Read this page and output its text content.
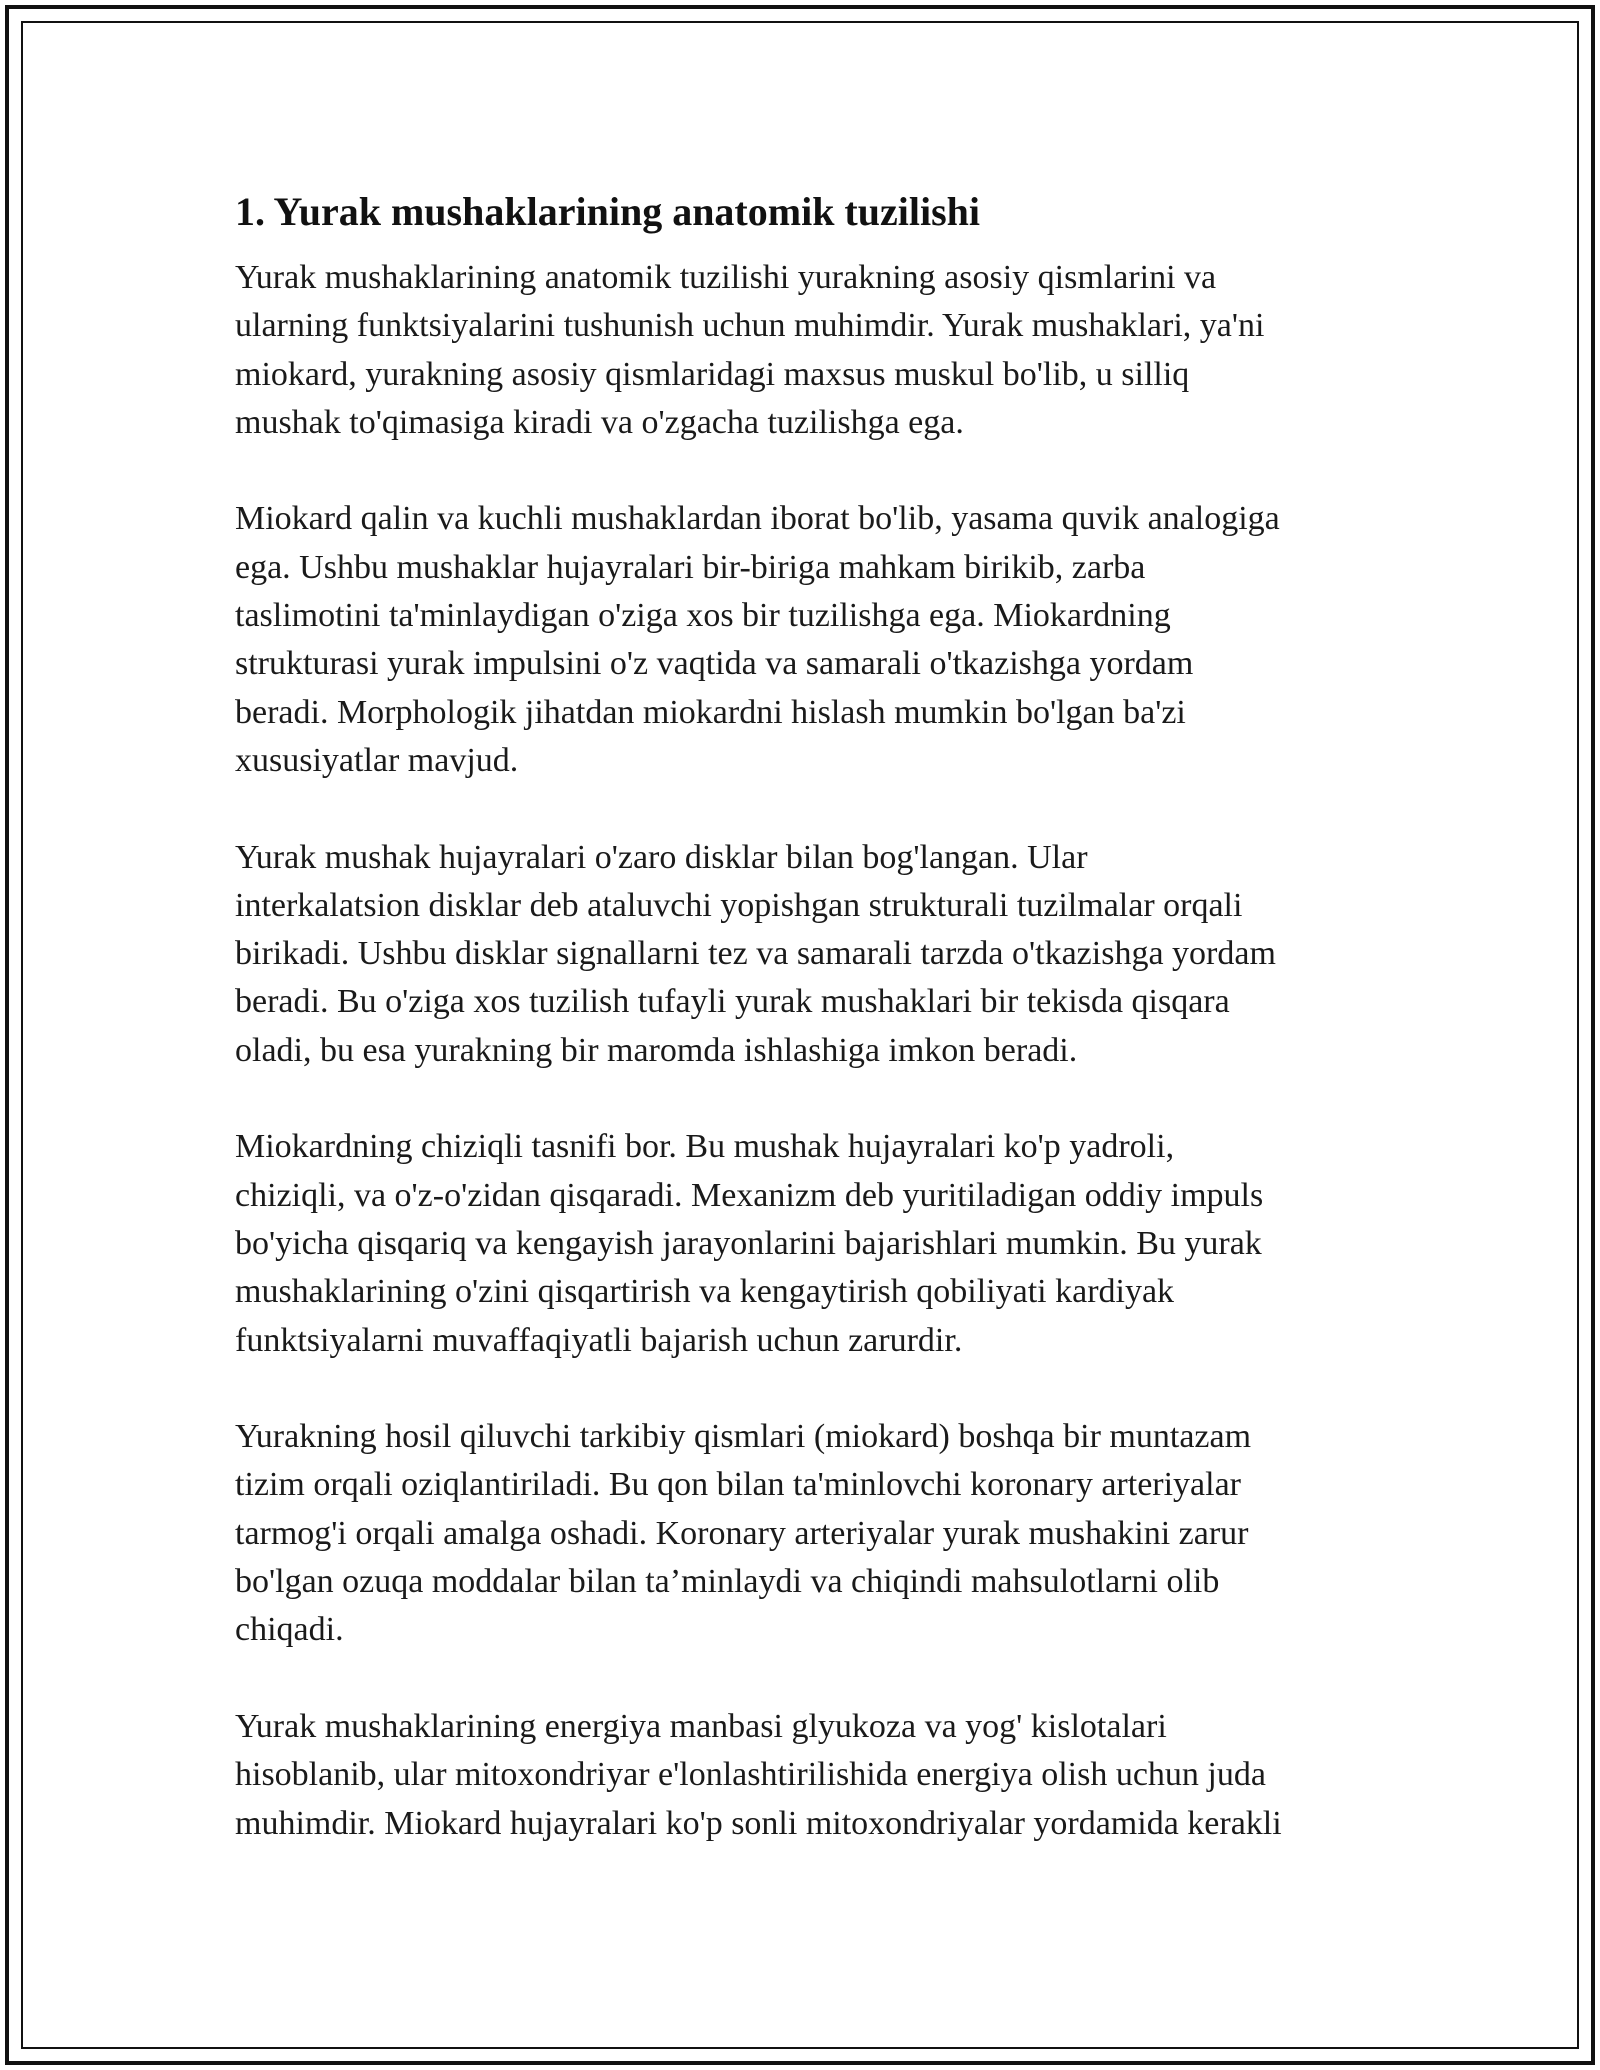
1. Yurak mushaklarining anatomik tuzilishi

Yurak mushaklarining anatomik tuzilishi yurakning asosiy qismlarini va
ularning funktsiyalarini tushunish uchun muhimdir. Yurak mushaklari, ya'ni
miokard, yurakning asosiy qismlaridagi maxsus muskul bo'lib, u silliq
mushak to'qimasiga kiradi va o'zgacha tuzilishga ega.

Miokard qalin va kuchli mushaklardan iborat bo'lib, yasama quvik analogiga
ega. Ushbu mushaklar hujayralari bir-biriga mahkam birikib, zarba
taslimotini ta'minlaydigan o'ziga xos bir tuzilishga ega. Miokardning
strukturasi yurak impulsini o'z vaqtida va samarali o'tkazishga yordam
beradi. Morphologik jihatdan miokardni hislash mumkin bo'lgan ba'zi
xususiyatlar mavjud.

Yurak mushak hujayralari o'zaro disklar bilan bog'langan. Ular
interkalatsion disklar deb ataluvchi yopishgan strukturali tuzilmalar orqali
birikadi. Ushbu disklar signallarni tez va samarali tarzda o'tkazishga yordam
beradi. Bu o'ziga xos tuzilish tufayli yurak mushaklari bir tekisda qisqara
oladi, bu esa yurakning bir maromda ishlashiga imkon beradi.

Miokardning chiziqli tasnifi bor. Bu mushak hujayralari ko'p yadroli,
chiziqli, va o'z-o'zidan qisqaradi. Mexanizm deb yuritiladigan oddiy impuls
bo'yicha qisqariq va kengayish jarayonlarini bajarishlari mumkin. Bu yurak
mushaklarining o'zini qisqartirish va kengaytirish qobiliyati kardiyak
funktsiyalarni muvaffaqiyatli bajarish uchun zarurdir.

Yurakning hosil qiluvchi tarkibiy qismlari (miokard) boshqa bir muntazam
tizim orqali oziqlantiriladi. Bu qon bilan ta'minlovchi koronary arteriyalar
tarmog'i orqali amalga oshadi. Koronary arteriyalar yurak mushakini zarur
bo'lgan ozuqa moddalar bilan ta’minlaydi va chiqindi mahsulotlarni olib
chiqadi.

Yurak mushaklarining energiya manbasi glyukoza va yog' kislotalari
hisoblanib, ular mitoxondriyar e'lonlashtirilishida energiya olish uchun juda
muhimdir. Miokard hujayralari ko'p sonli mitoxondriyalar yordamida kerakli
